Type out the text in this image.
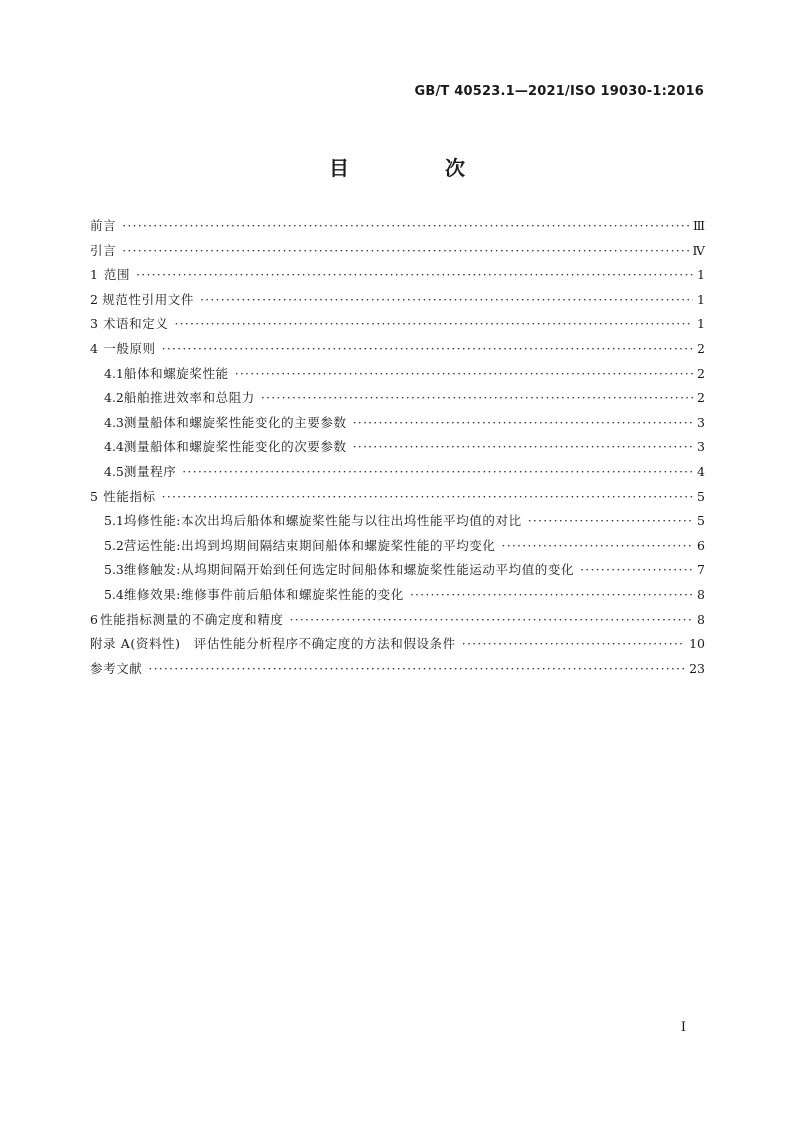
GB/T 40523.1—2021/ISO 19030-1:2016
目　次
前言 ·····	Ⅲ
引言 ·····	Ⅳ
1 范围 ·····	1
2 规范性引用文件 ·····	1
3 术语和定义 ·····	1
4 一般原则 ·····	2
4.1 船体和螺旋桨性能 ·····	2
4.2 船舶推进效率和总阻力 ·····	2
4.3 测量船体和螺旋桨性能变化的主要参数 ·····	3
4.4 测量船体和螺旋桨性能变化的次要参数 ·····	3
4.5 测量程序 ·····	4
5 性能指标 ·····	5
5.1 坞修性能:本次出坞后船体和螺旋桨性能与以往出坞性能平均值的对比 ·····	5
5.2 营运性能:出坞到坞期间隔结束期间船体和螺旋桨性能的平均变化 ·····	6
5.3 维修触发:从坞期间隔开始到任何选定时间船体和螺旋桨性能运动平均值的变化 ·····	7
5.4 维修效果:维修事件前后船体和螺旋桨性能的变化 ·····	8
6 性能指标测量的不确定度和精度 ·····	8
附录 A(资料性)　评估性能分析程序不确定度的方法和假设条件 ·····	10
参考文献 ·····	23
I
